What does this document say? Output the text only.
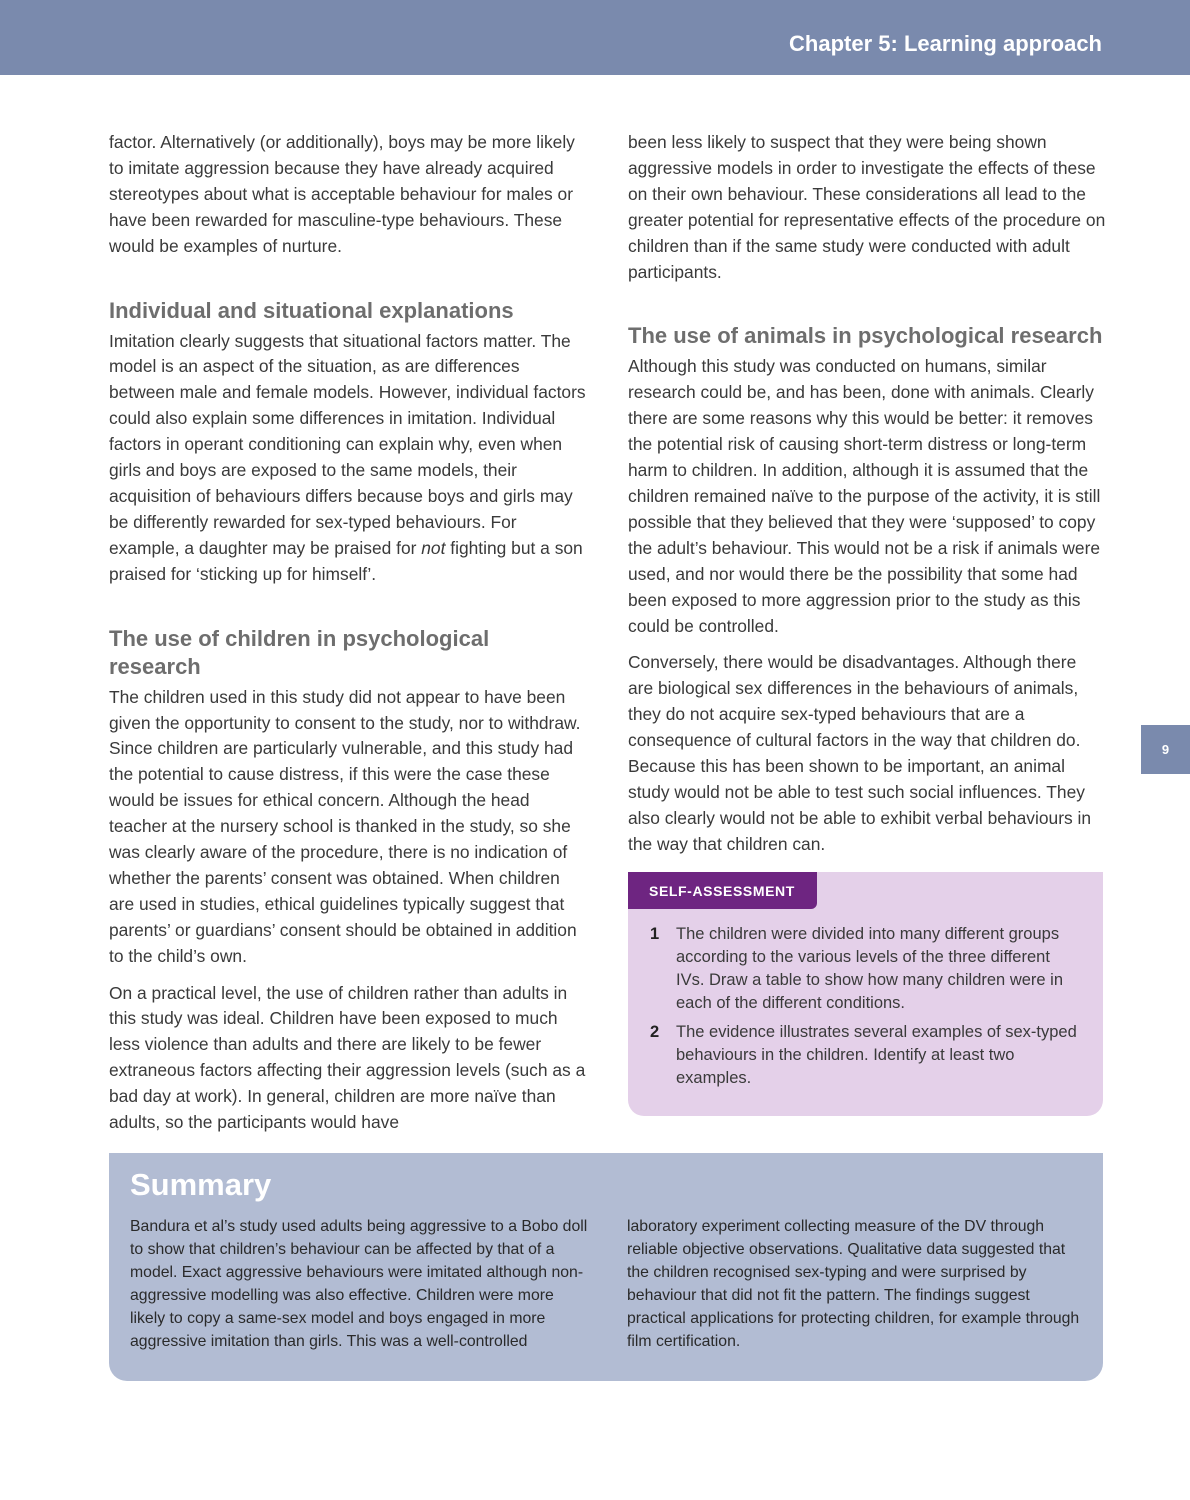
Chapter 5: Learning approach
9

factor. Alternatively (or additionally), boys may be more likely to imitate aggression because they have already acquired stereotypes about what is acceptable behaviour for males or have been rewarded for masculine-type behaviours. These would be examples of nurture.

Individual and situational explanations

Imitation clearly suggests that situational factors matter. The model is an aspect of the situation, as are differences between male and female models. However, individual factors could also explain some differences in imitation. Individual factors in operant conditioning can explain why, even when girls and boys are exposed to the same models, their acquisition of behaviours differs because boys and girls may be differently rewarded for sex-typed behaviours. For example, a daughter may be praised for not fighting but a son praised for ‘sticking up for himself’.

The use of children in psychological research

The children used in this study did not appear to have been given the opportunity to consent to the study, nor to withdraw. Since children are particularly vulnerable, and this study had the potential to cause distress, if this were the case these would be issues for ethical concern. Although the head teacher at the nursery school is thanked in the study, so she was clearly aware of the procedure, there is no indication of whether the parents’ consent was obtained. When children are used in studies, ethical guidelines typically suggest that parents’ or guardians’ consent should be obtained in addition to the child’s own.

On a practical level, the use of children rather than adults in this study was ideal. Children have been exposed to much less violence than adults and there are likely to be fewer extraneous factors affecting their aggression levels (such as a bad day at work). In general, children are more naïve than adults, so the participants would have

been less likely to suspect that they were being shown aggressive models in order to investigate the effects of these on their own behaviour. These considerations all lead to the greater potential for representative effects of the procedure on children than if the same study were conducted with adult participants.

The use of animals in psychological research

Although this study was conducted on humans, similar research could be, and has been, done with animals. Clearly there are some reasons why this would be better: it removes the potential risk of causing short-term distress or long-term harm to children. In addition, although it is assumed that the children remained naïve to the purpose of the activity, it is still possible that they believed that they were ‘supposed’ to copy the adult’s behaviour. This would not be a risk if animals were used, and nor would there be the possibility that some had been exposed to more aggression prior to the study as this could be controlled.

Conversely, there would be disadvantages. Although there are biological sex differences in the behaviours of animals, they do not acquire sex-typed behaviours that are a consequence of cultural factors in the way that children do. Because this has been shown to be important, an animal study would not be able to test such social influences. They also clearly would not be able to exhibit verbal behaviours in the way that children can.

SELF-ASSESSMENT
1	The children were divided into many different groups according to the various levels of the three different IVs. Draw a table to show how many children were in each of the different conditions.
2	The evidence illustrates several examples of sex-typed behaviours in the children. Identify at least two examples.
Summary

Bandura et al’s study used adults being aggressive to a Bobo doll to show that children’s behaviour can be affected by that of a model. Exact aggressive behaviours were imitated although non-aggressive modelling was also effective. Children were more likely to copy a same-sex model and boys engaged in more aggressive imitation than girls. This was a well-controlled

laboratory experiment collecting measure of the DV through reliable objective observations. Qualitative data suggested that the children recognised sex-typing and were surprised by behaviour that did not fit the pattern. The findings suggest practical applications for protecting children, for example through film certification.
